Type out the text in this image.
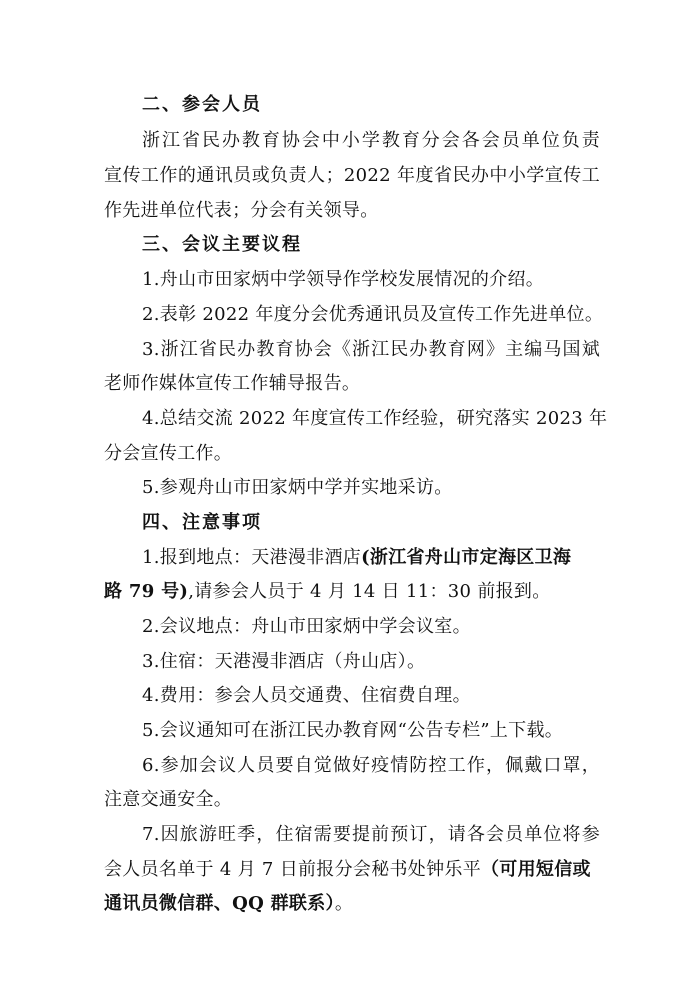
二、参会人员
浙江省民办教育协会中小学教育分会各会员单位负责
宣传工作的通讯员或负责人；2022 年度省民办中小学宣传工
作先进单位代表；分会有关领导。
三、会议主要议程
1.舟山市田家炳中学领导作学校发展情况的介绍。
2.表彰 2022 年度分会优秀通讯员及宣传工作先进单位。
3.浙江省民办教育协会《浙江民办教育网》主编马国斌
老师作媒体宣传工作辅导报告。
4.总结交流 2022 年度宣传工作经验，研究落实 2023 年
分会宣传工作。
5.参观舟山市田家炳中学并实地采访。
四、注意事项
1.报到地点：天港漫非酒店(浙江省舟山市定海区卫海
路 79 号),请参会人员于 4 月 14 日 11：30 前报到。
2.会议地点：舟山市田家炳中学会议室。
3.住宿：天港漫非酒店（舟山店）。
4.费用：参会人员交通费、住宿费自理。
5.会议通知可在浙江民办教育网“公告专栏”上下载。
6.参加会议人员要自觉做好疫情防控工作，佩戴口罩，
注意交通安全。
7.因旅游旺季，住宿需要提前预订，请各会员单位将参
会人员名单于 4 月 7 日前报分会秘书处钟乐平（可用短信或
通讯员微信群、QQ 群联系）。
